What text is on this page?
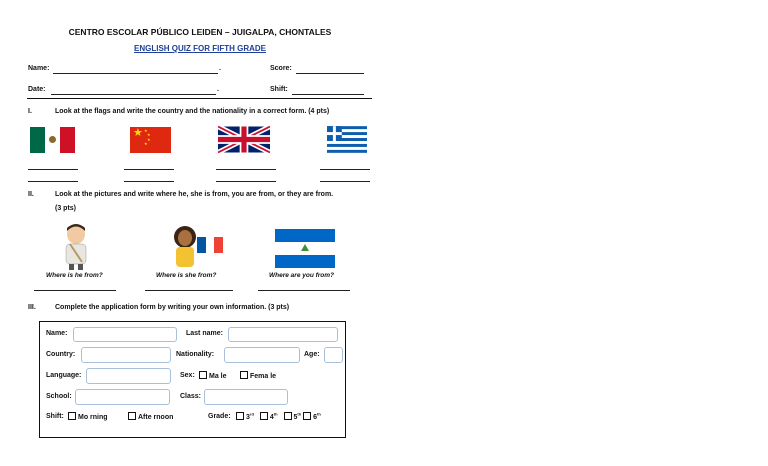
CENTRO ESCOLAR PÚBLICO LEIDEN – JUIGALPA, CHONTALES
ENGLISH QUIZ FOR FIFTH GRADE
Name:	.	Score:
Date:	.	Shift:
I.	Look at the flags and write the country and the nationality in a correct form. (4 pts)
★ ★
★
★
★
II.	Look at the pictures and write where he, she is from, you are from, or they are from.
(3 pts)
Where is he from?	Where is she from?	Where are you from?
III.	Complete the application form by writing your own information. (3 pts)
Name:	Last name:
Country:	Nationality:	Age:
Language:	Sex:	Ma le	Fema le
School:	Class:
Shift:	Mo rning	Afte rnoon	Grade:	3rd 4th 5th 6th
